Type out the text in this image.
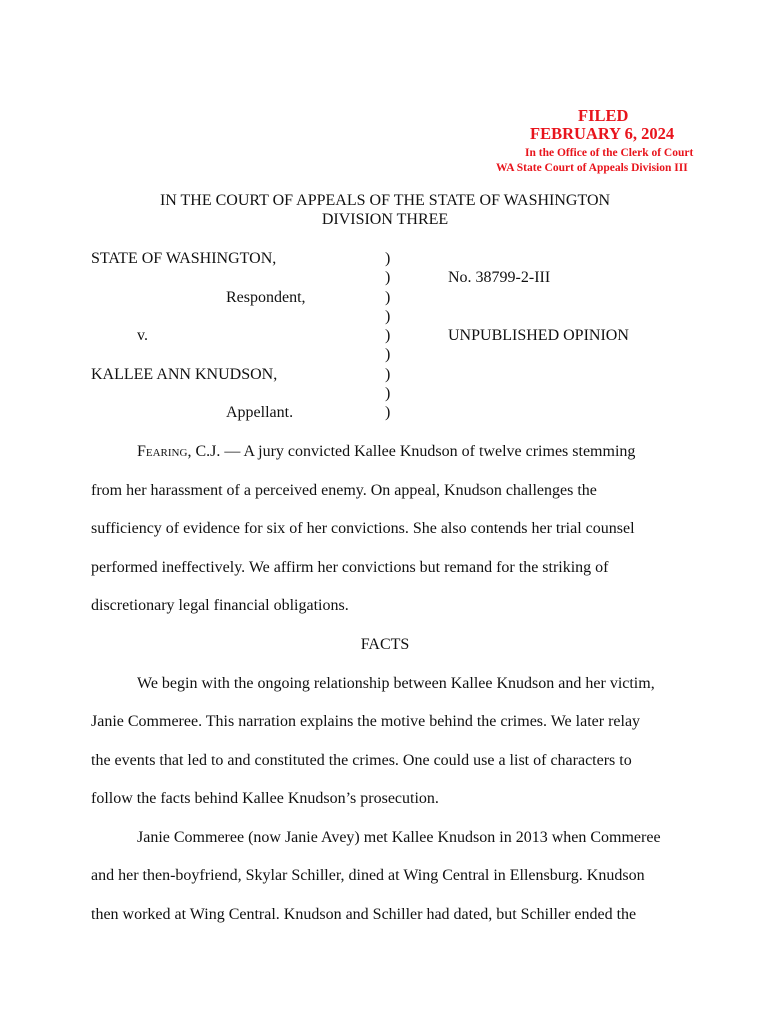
FILED
FEBRUARY 6, 2024
In the Office of the Clerk of Court
WA State Court of Appeals Division III
IN THE COURT OF APPEALS OF THE STATE OF WASHINGTON
DIVISION THREE
STATE OF WASHINGTON,
Respondent,
v.
KALLEE ANN KNUDSON,
Appellant.
)
)
)
)
)
)
)
)
)
No. 38799-2-III
UNPUBLISHED OPINION
Fearing, C.J. — A jury convicted Kallee Knudson of twelve crimes stemming
from her harassment of a perceived enemy. On appeal, Knudson challenges the
sufficiency of evidence for six of her convictions. She also contends her trial counsel
performed ineffectively. We affirm her convictions but remand for the striking of
discretionary legal financial obligations.
FACTS
We begin with the ongoing relationship between Kallee Knudson and her victim,
Janie Commeree. This narration explains the motive behind the crimes. We later relay
the events that led to and constituted the crimes. One could use a list of characters to
follow the facts behind Kallee Knudson’s prosecution.
Janie Commeree (now Janie Avey) met Kallee Knudson in 2013 when Commeree
and her then-boyfriend, Skylar Schiller, dined at Wing Central in Ellensburg. Knudson
then worked at Wing Central. Knudson and Schiller had dated, but Schiller ended the
